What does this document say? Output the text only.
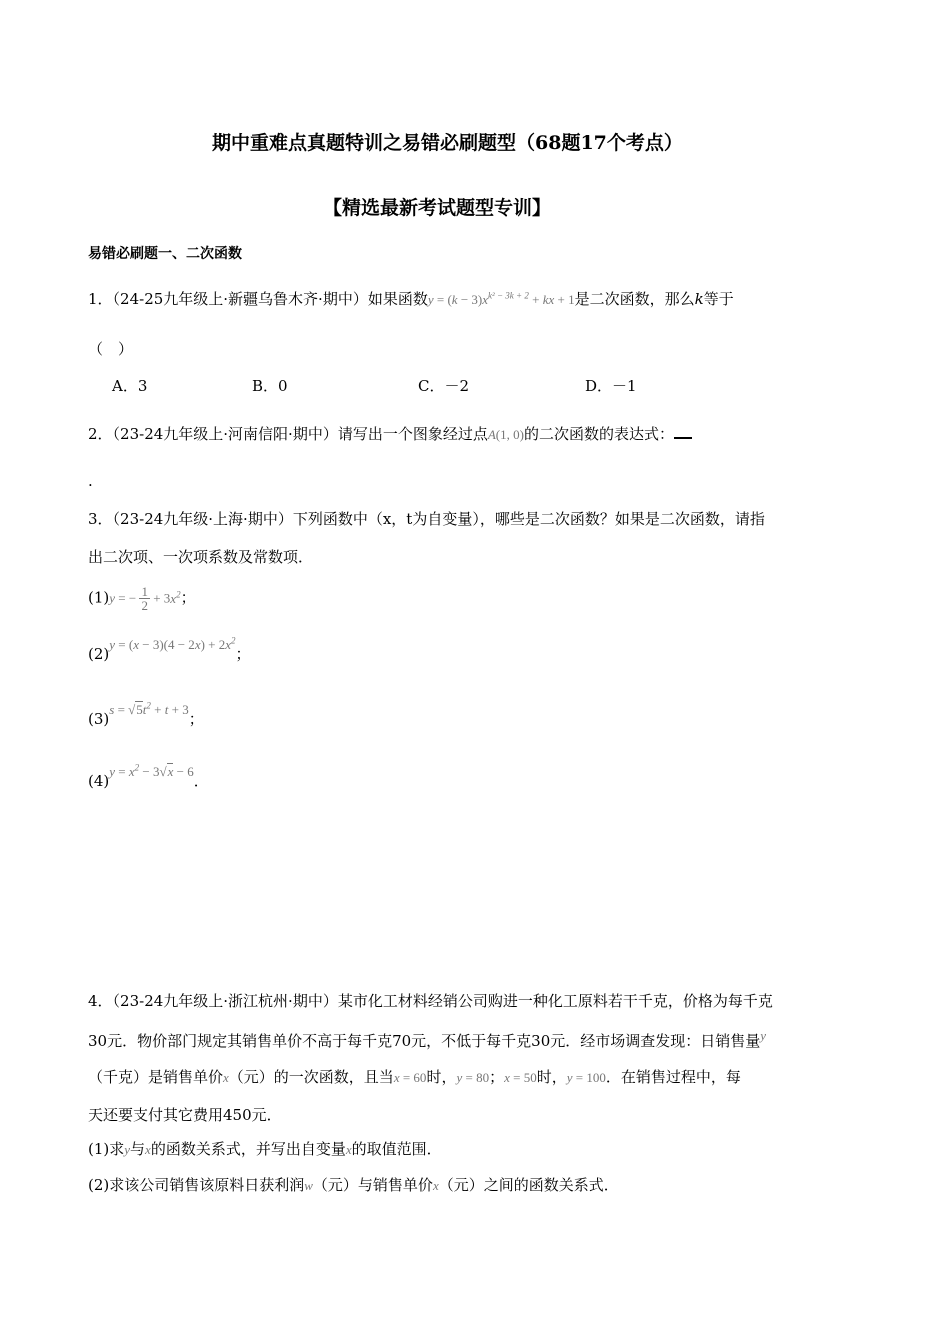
期中重难点真题特训之易错必刷题型（68题17个考点）
【精选最新考试题型专训】
易错必刷题一、二次函数
1．（24-25九年级上·新疆乌鲁木齐·期中）如果函数$y = (k - 3)x^{k^2 - 3k + 2}$ + kx + 1是二次函数，那么k等于
（　）
A．3	B．0	C．－2	D．－1
2．（23-24九年级上·河南信阳·期中）请写出一个图象经过点A(1, 0)的二次函数的表达式：
.
3．（23-24九年级·上海·期中）下列函数中（x，t为自变量），哪些是二次函数？如果是二次函数，请指
出二次项、一次项系数及常数项．
(1)y = − $\frac{1}{2} + 3x^2$；
$(2)y = (x - 3)(4 - 2x) + 2x^2$；
$(3)s = √5t^2 + t + 3$；
$(4)y = x^2 - 3√x - 6$．
4．（23-24九年级上·浙江杭州·期中）某市化工材料经销公司购进一种化工原料若干千克，价格为每千克
30元．物价部门规定其销售单价不高于每千克70元，不低于每千克30元．经市场调查发现：日销售量y
（千克）是销售单价x（元）的一次函数，且当x = 60时，y = 80；x = 50时，y = 100．在销售过程中，每
天还要支付其它费用450元．
(1)求y与x的函数关系式，并写出自变量x的取值范围．
(2)求该公司销售该原料日获利润w（元）与销售单价x（元）之间的函数关系式．
